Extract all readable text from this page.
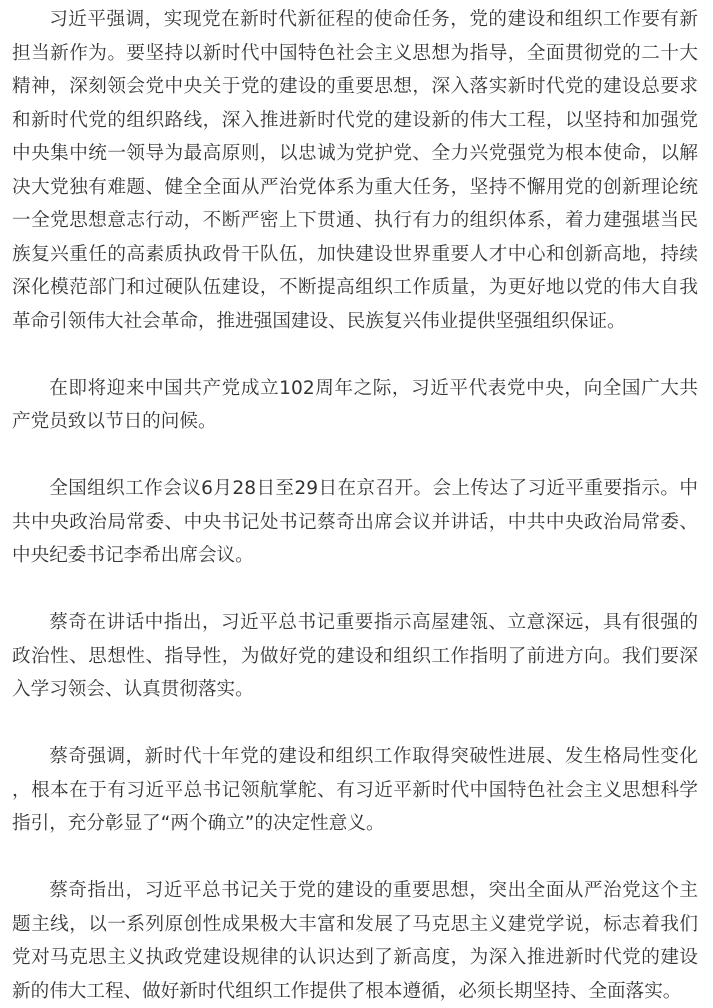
习近平强调，实现党在新时代新征程的使命任务，党的建设和组织工作要有新担当新作为。要坚持以新时代中国特色社会主义思想为指导，全面贯彻党的二十大精神，深刻领会党中央关于党的建设的重要思想，深入落实新时代党的建设总要求和新时代党的组织路线，深入推进新时代党的建设新的伟大工程，以坚持和加强党中央集中统一领导为最高原则，以忠诚为党护党、全力兴党强党为根本使命，以解决大党独有难题、健全全面从严治党体系为重大任务，坚持不懈用党的创新理论统一全党思想意志行动，不断严密上下贯通、执行有力的组织体系，着力建强堪当民族复兴重任的高素质执政骨干队伍，加快建设世界重要人才中心和创新高地，持续深化模范部门和过硬队伍建设，不断提高组织工作质量，为更好地以党的伟大自我革命引领伟大社会革命，推进强国建设、民族复兴伟业提供坚强组织保证。

在即将迎来中国共产党成立102周年之际，习近平代表党中央，向全国广大共产党员致以节日的问候。

全国组织工作会议6月28日至29日在京召开。会上传达了习近平重要指示。中共中央政治局常委、中央书记处书记蔡奇出席会议并讲话，中共中央政治局常委、中央纪委书记李希出席会议。

蔡奇在讲话中指出，习近平总书记重要指示高屋建瓴、立意深远，具有很强的政治性、思想性、指导性，为做好党的建设和组织工作指明了前进方向。我们要深入学习领会、认真贯彻落实。

蔡奇强调，新时代十年党的建设和组织工作取得突破性进展、发生格局性变化，根本在于有习近平总书记领航掌舵、有习近平新时代中国特色社会主义思想科学指引，充分彰显了“两个确立”的决定性意义。

蔡奇指出，习近平总书记关于党的建设的重要思想，突出全面从严治党这个主题主线，以一系列原创性成果极大丰富和发展了马克思主义建党学说，标志着我们党对马克思主义执政党建设规律的认识达到了新高度，为深入推进新时代党的建设新的伟大工程、做好新时代组织工作提供了根本遵循，必须长期坚持、全面落实。
